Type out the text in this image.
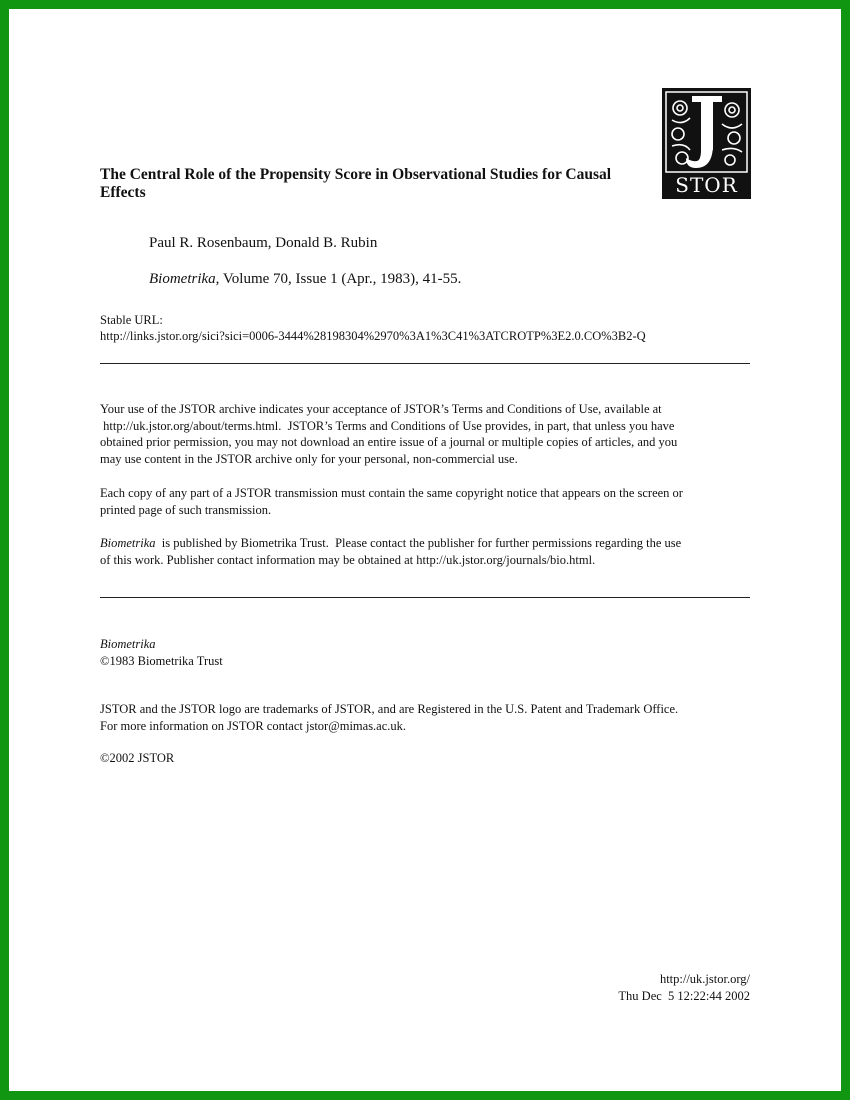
The Central Role of the Propensity Score in Observational Studies for Causal Effects	STOR
Paul R. Rosenbaum, Donald B. Rubin
Biometrika, Volume 70, Issue 1 (Apr., 1983), 41-55.
Stable URL:
http://links.jstor.org/sici?sici=0006-3444%28198304%2970%3A1%3C41%3ATCROTP%3E2.0.CO%3B2-Q
Your use of the JSTOR archive indicates your acceptance of JSTOR’s Terms and Conditions of Use, available at
http://uk.jstor.org/about/terms.html.  JSTOR’s Terms and Conditions of Use provides, in part, that unless you have
obtained prior permission, you may not download an entire issue of a journal or multiple copies of articles, and you
may use content in the JSTOR archive only for your personal, non-commercial use.
Each copy of any part of a JSTOR transmission must contain the same copyright notice that appears on the screen or
printed page of such transmission.
Biometrika  is published by Biometrika Trust.  Please contact the publisher for further permissions regarding the use
of this work. Publisher contact information may be obtained at http://uk.jstor.org/journals/bio.html.
Biometrika
©1983 Biometrika Trust
JSTOR and the JSTOR logo are trademarks of JSTOR, and are Registered in the U.S. Patent and Trademark Office.
For more information on JSTOR contact jstor@mimas.ac.uk.
©2002 JSTOR
http://uk.jstor.org/
Thu Dec  5 12:22:44 2002
